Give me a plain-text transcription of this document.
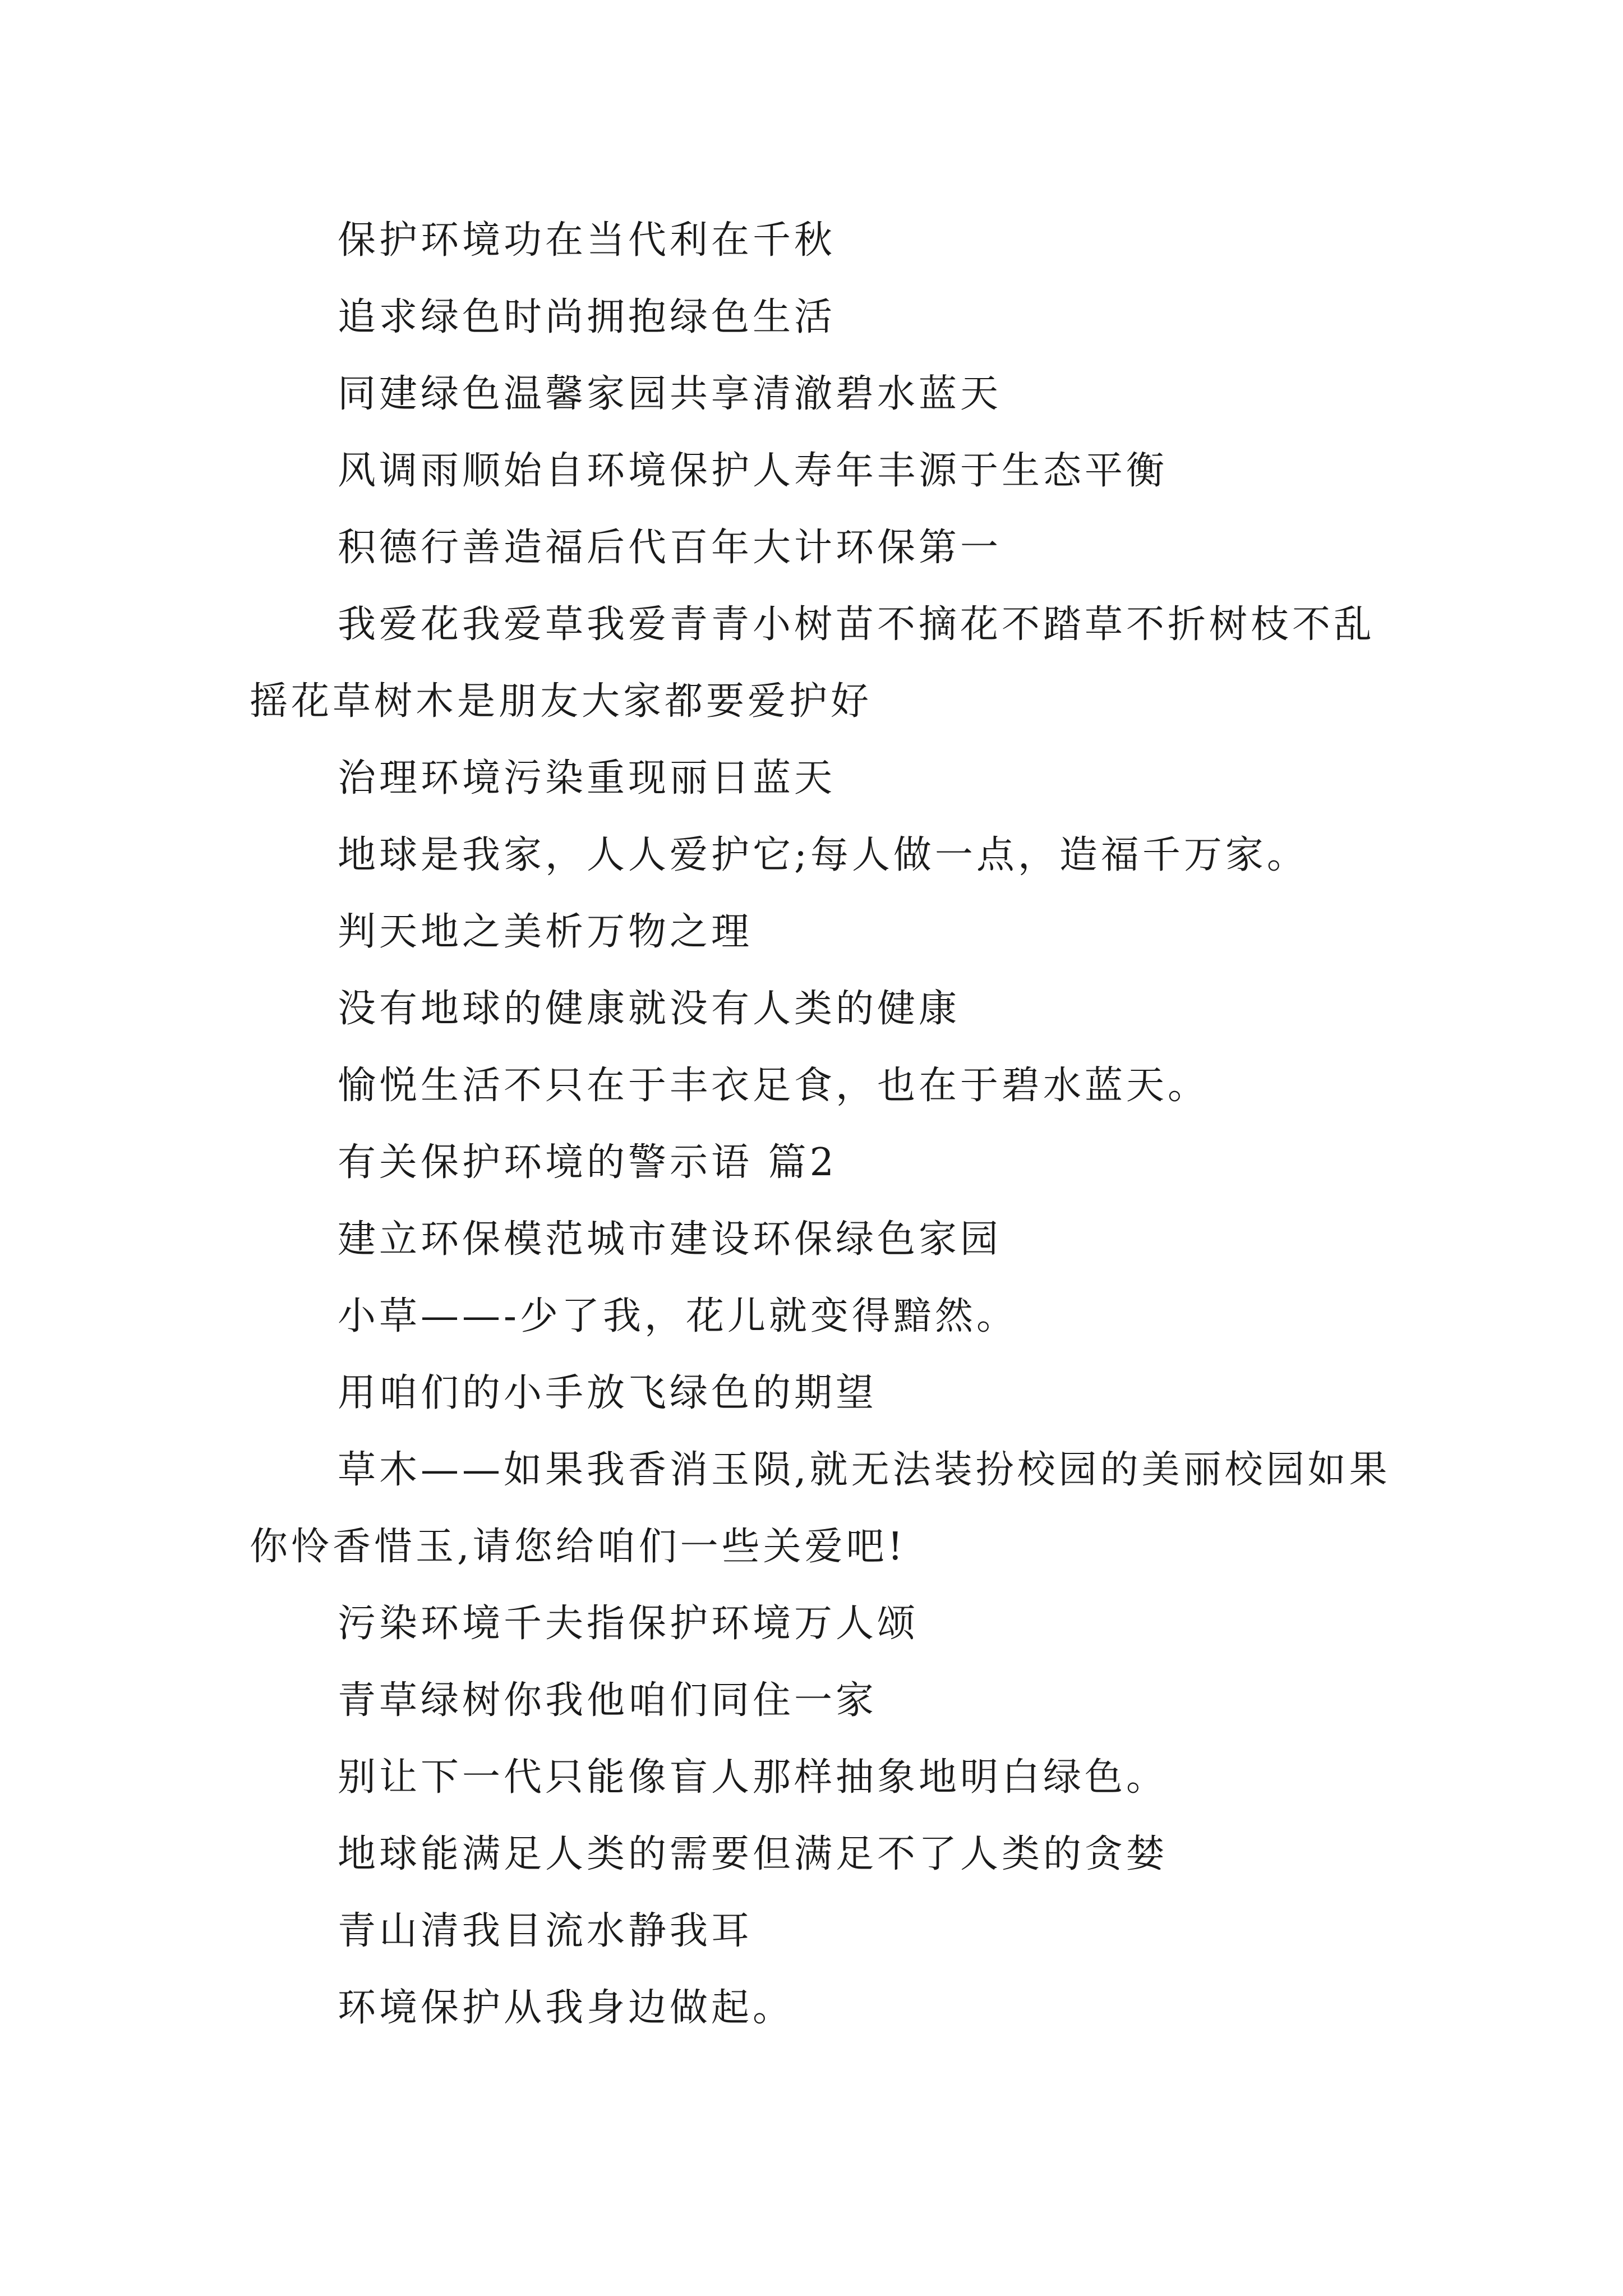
保护环境功在当代利在千秋

追求绿色时尚拥抱绿色生活

同建绿色温馨家园共享清澈碧水蓝天

风调雨顺始自环境保护人寿年丰源于生态平衡

积德行善造福后代百年大计环保第一

我爱花我爱草我爱青青小树苗不摘花不踏草不折树枝不乱摇花草树木是朋友大家都要爱护好

治理环境污染重现丽日蓝天

地球是我家，人人爱护它;每人做一点，造福千万家。

判天地之美析万物之理

没有地球的健康就没有人类的健康

愉悦生活不只在于丰衣足食，也在于碧水蓝天。

有关保护环境的警示语 篇2

建立环保模范城市建设环保绿色家园

小草——-少了我，花儿就变得黯然。

用咱们的小手放飞绿色的期望

草木——如果我香消玉陨,就无法装扮校园的美丽校园如果你怜香惜玉,请您给咱们一些关爱吧!

污染环境千夫指保护环境万人颂

青草绿树你我他咱们同住一家

别让下一代只能像盲人那样抽象地明白绿色。

地球能满足人类的需要但满足不了人类的贪婪

青山清我目流水静我耳

环境保护从我身边做起。
